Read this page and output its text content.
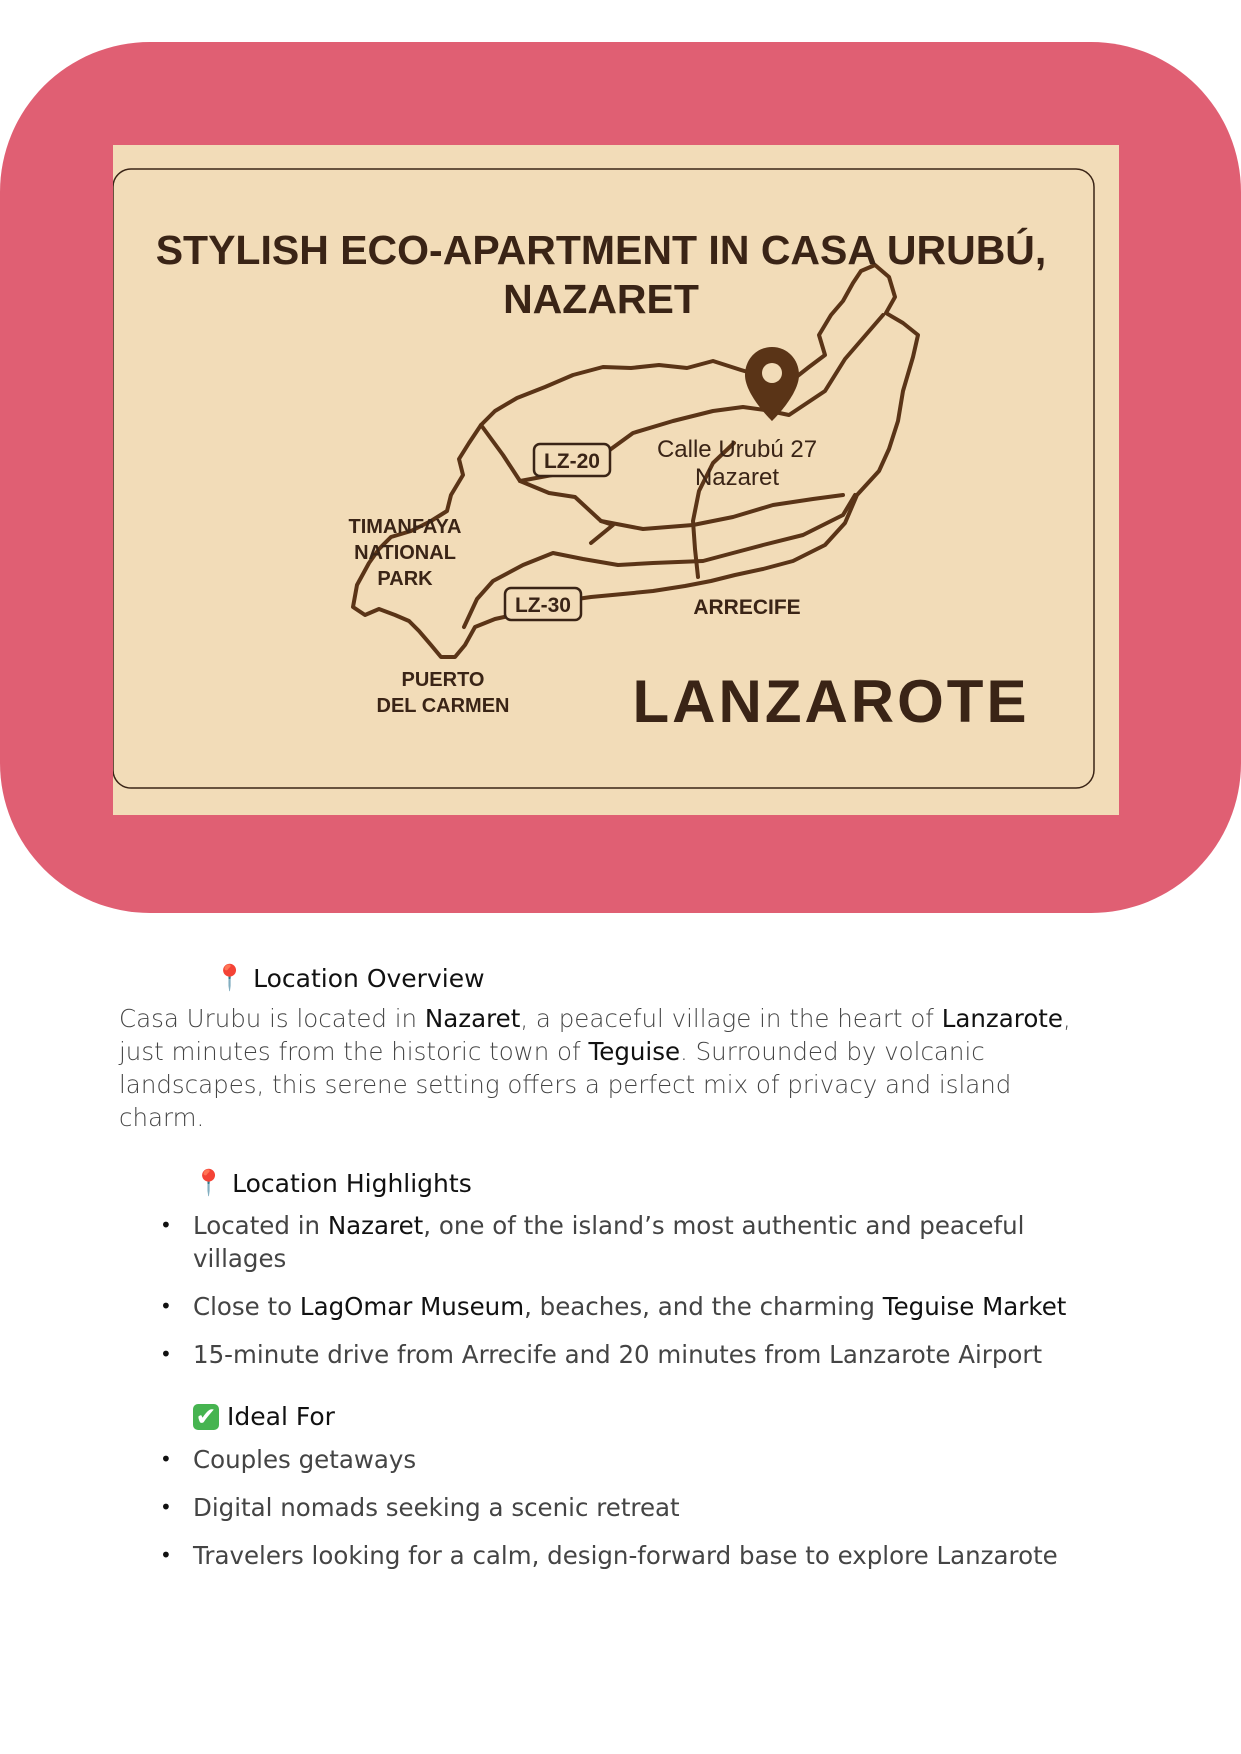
STYLISH ECO-APARTMENT IN CASA URUBÚ,
NAZARET
Calle Urubú 27
Nazaret
TIMANFAYA
NATIONAL
PARK
ARRECIFE
PUERTO
DEL CARMEN LANZAROTE
LZ-20
LZ-30
📍 Location Overview
Casa Urubu is located in Nazaret, a peaceful village in the heart of Lanzarote, just minutes from the historic town of Teguise. Surrounded by volcanic landscapes, this serene setting offers a perfect mix of privacy and island charm.
📍 Location Highlights
• Located in Nazaret, one of the island’s most authentic and peaceful villages
• Close to LagOmar Museum, beaches, and the charming Teguise Market
• 15-minute drive from Arrecife and 20 minutes from Lanzarote Airport
✔ Ideal For
• Couples getaways
• Digital nomads seeking a scenic retreat
• Travelers looking for a calm, design-forward base to explore Lanzarote
